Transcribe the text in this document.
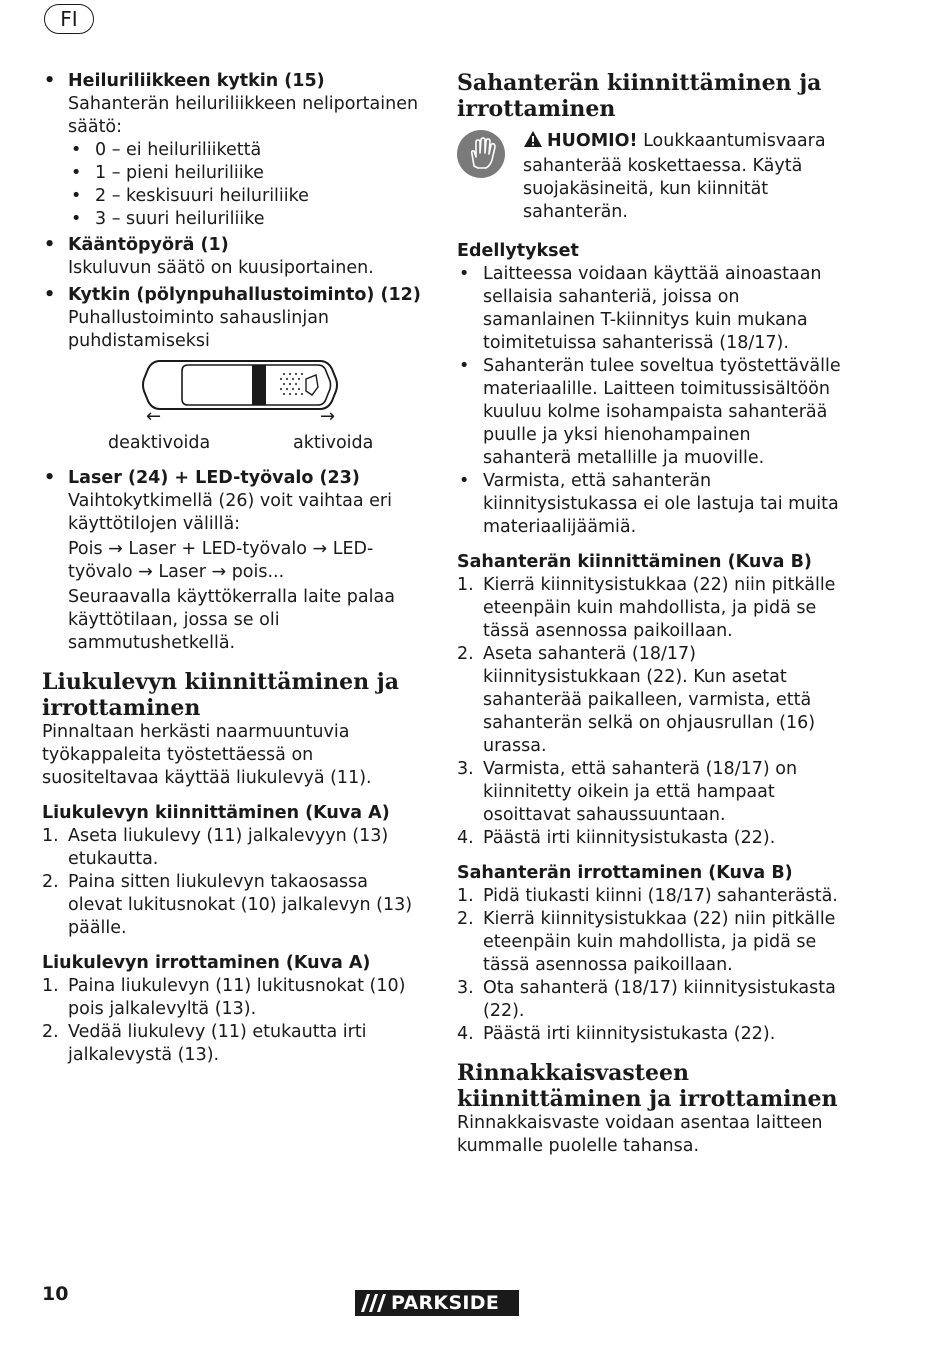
FI

• Heiluriliikkeen kytkin (15)

Sahanterän heiluriliikkeen neliportainen säätö:

• 0 – ei heiluriliikettä

• 1 – pieni heiluriliike

• 2 – keskisuuri heiluriliike

• 3 – suuri heiluriliike

• Kääntöpyörä (1)

Iskuluvun säätö on kuusiportainen.

• Kytkin (pölynpuhallustoiminto) (12)

Puhallustoiminto sahauslinjan puhdistamiseksi

←	→
deaktivoida	aktivoida

• Laser (24) + LED-työvalo (23)

Vaihtokytkimellä (26) voit vaihtaa eri käyttötilojen välillä:

Pois → Laser + LED-työvalo → LED-työvalo → Laser → pois...

Seuraavalla käyttökerralla laite palaa käyttötilaan, jossa se oli sammutushetkellä.

Liukulevyn kiinnittäminen ja irrottaminen

Pinnaltaan herkästi naarmuuntuvia työkappaleita työstettäessä on suositeltavaa käyttää liukulevyä (11).

Liukulevyn kiinnittäminen (Kuva A)

1. Aseta liukulevy (11) jalkalevyyn (13) etukautta.

2. Paina sitten liukulevyn takaosassa olevat lukitusnokat (10) jalkalevyn (13) päälle.

Liukulevyn irrottaminen (Kuva A)

1. Paina liukulevyn (11) lukitusnokat (10) pois jalkalevyltä (13).

2. Vedää liukulevy (11) etukautta irti jalkalevystä (13).

Sahanterän kiinnittäminen ja irrottaminen

HUOMIO! Loukkaantumisvaara sahanterää koskettaessa. Käytä suojakäsineitä, kun kiinnität sahanterän.

Edellytykset

• Laitteessa voidaan käyttää ainoastaan sellaisia sahanteriä, joissa on samanlainen T-kiinnitys kuin mukana toimitetuissa sahanterissä (18/17).

• Sahanterän tulee soveltua työstettävälle materiaalille. Laitteen toimitussisältöön kuuluu kolme isohampaista sahanterää puulle ja yksi hienohampainen sahanterä metallille ja muoville.

• Varmista, että sahanterän kiinnitysistukassa ei ole lastuja tai muita materiaalijäämiä.

Sahanterän kiinnittäminen (Kuva B)

1. Kierrä kiinnitysistukkaa (22) niin pitkälle eteenpäin kuin mahdollista, ja pidä se tässä asennossa paikoillaan.

2. Aseta sahanterä (18/17) kiinnitysistukkaan (22). Kun asetat sahanterää paikalleen, varmista, että sahanterän selkä on ohjausrullan (16) urassa.

3. Varmista, että sahanterä (18/17) on kiinnitetty oikein ja että hampaat osoittavat sahaussuuntaan.

4. Päästä irti kiinnitysistukasta (22).

Sahanterän irrottaminen (Kuva B)

1. Pidä tiukasti kiinni (18/17) sahanterästä.

2. Kierrä kiinnitysistukkaa (22) niin pitkälle eteenpäin kuin mahdollista, ja pidä se tässä asennossa paikoillaan.

3. Ota sahanterä (18/17) kiinnitysistukasta (22).

4. Päästä irti kiinnitysistukasta (22).

Rinnakkaisvasteen kiinnittäminen ja irrottaminen

Rinnakkaisvaste voidaan asentaa laitteen kummalle puolelle tahansa.

10	PARKSIDE
